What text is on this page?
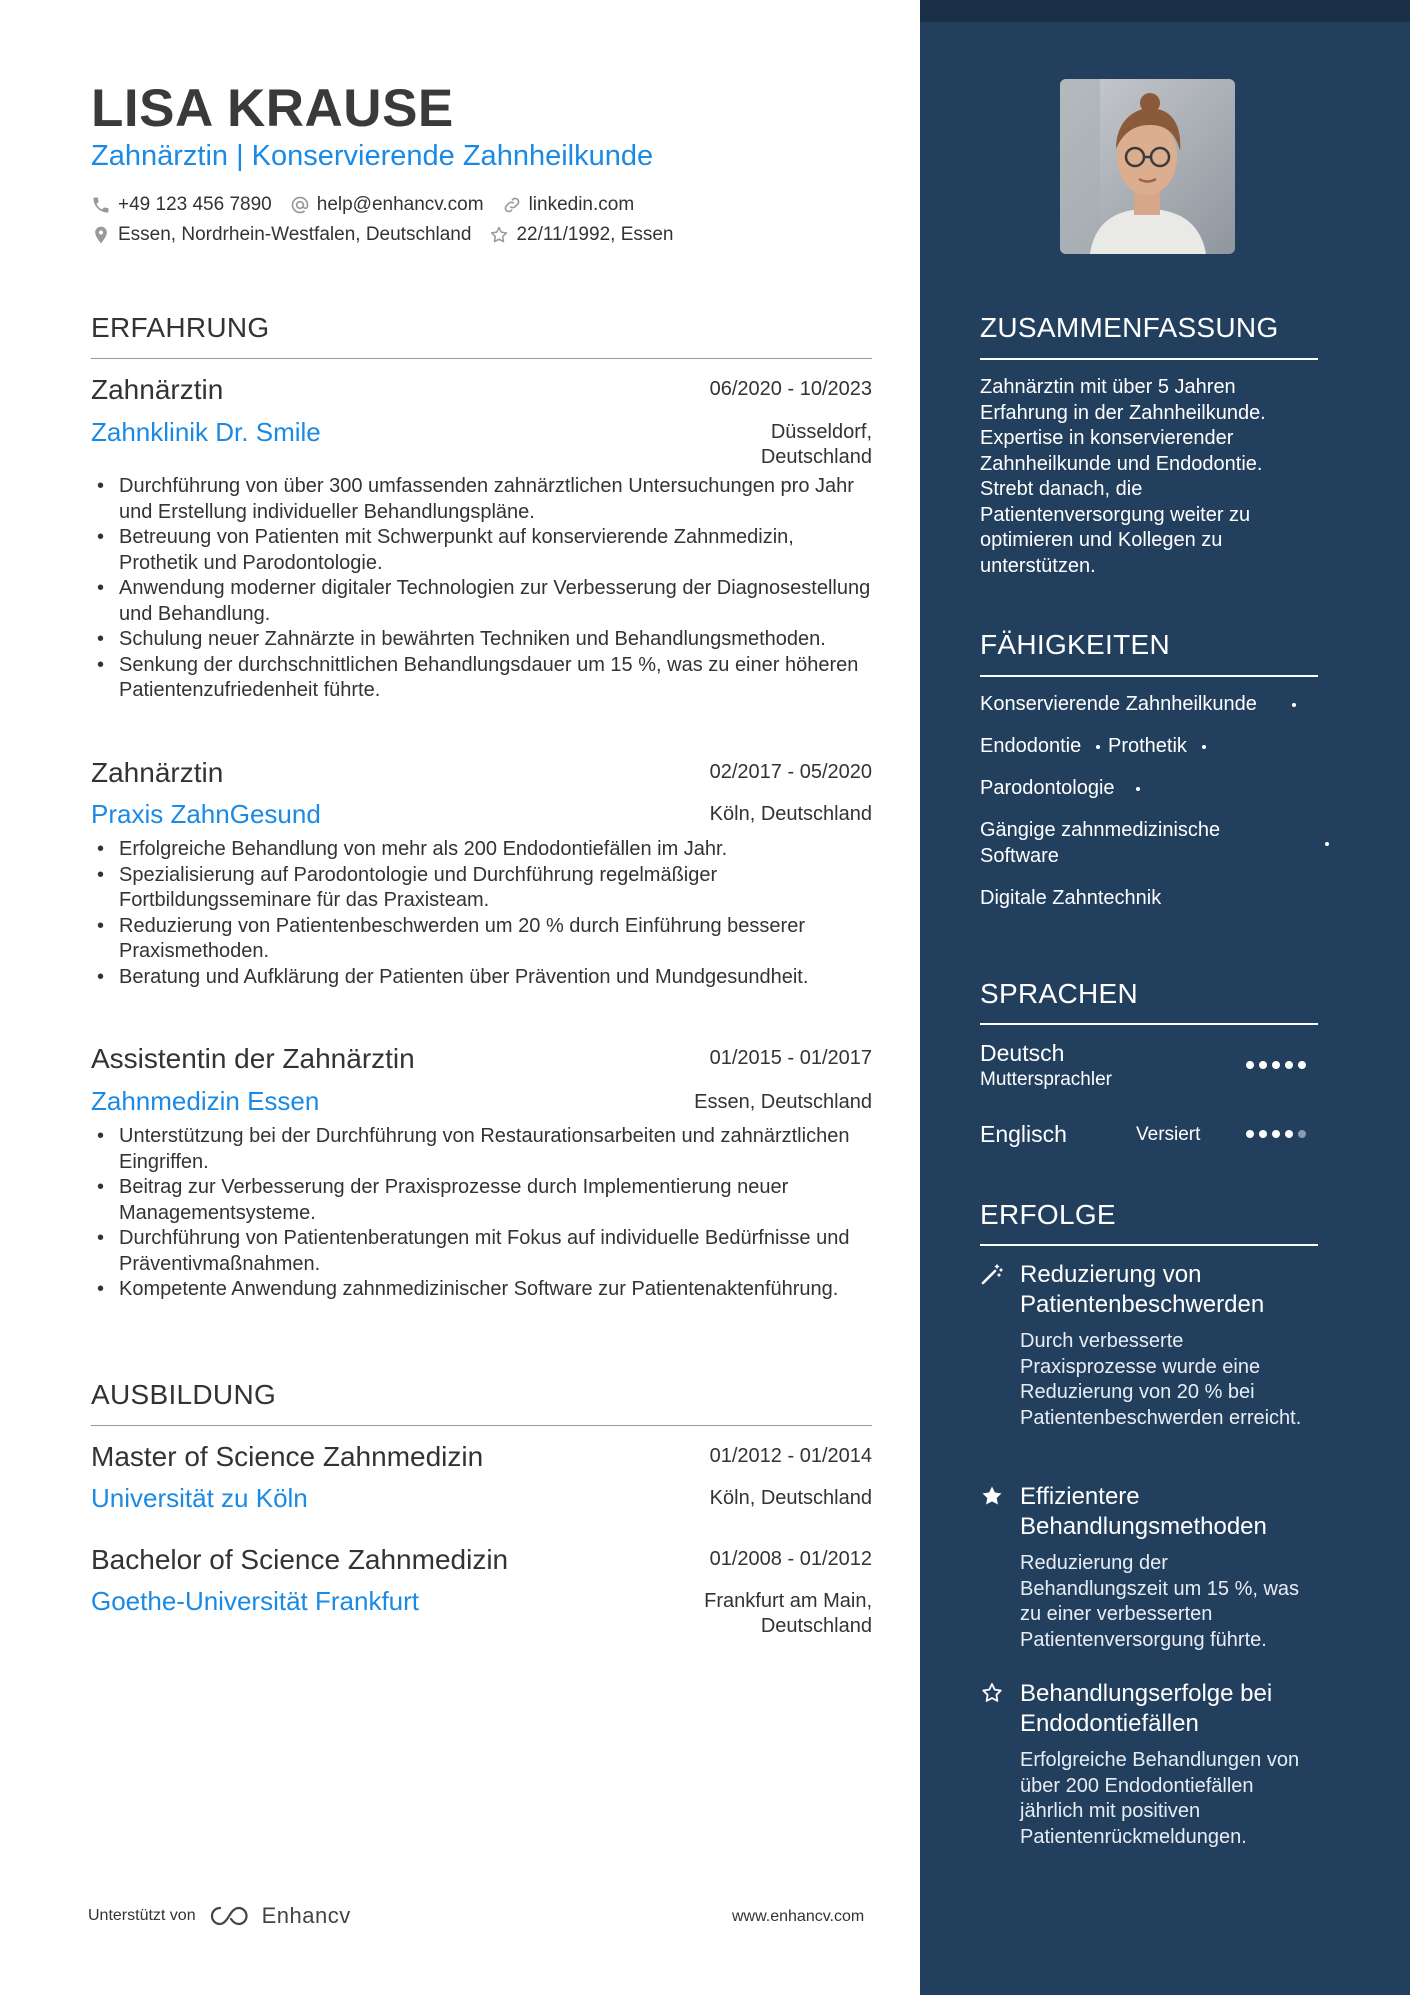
LISA KRAUSE
Zahnärztin | Konservierende Zahnheilkunde
+49 123 456 7890 help@enhancv.com linkedin.com
Essen, Nordrhein-Westfalen, Deutschland 22/11/1992, Essen
ERFAHRUNG
Zahnärztin	06/2020 - 10/2023
Zahnklinik Dr. Smile	Düsseldorf,
Deutschland
• Durchführung von über 300 umfassenden zahnärztlichen Untersuchungen pro Jahr und Erstellung individueller Behandlungspläne.
• Betreuung von Patienten mit Schwerpunkt auf konservierende Zahnmedizin, Prothetik und Parodontologie.
• Anwendung moderner digitaler Technologien zur Verbesserung der Diagnosestellung und Behandlung.
• Schulung neuer Zahnärzte in bewährten Techniken und Behandlungsmethoden.
• Senkung der durchschnittlichen Behandlungsdauer um 15 %, was zu einer höheren Patientenzufriedenheit führte.
Zahnärztin	02/2017 - 05/2020
Praxis ZahnGesund	Köln, Deutschland
• Erfolgreiche Behandlung von mehr als 200 Endodontiefällen im Jahr.
• Spezialisierung auf Parodontologie und Durchführung regelmäßiger Fortbildungsseminare für das Praxisteam.
• Reduzierung von Patientenbeschwerden um 20 % durch Einführung besserer Praxismethoden.
• Beratung und Aufklärung der Patienten über Prävention und Mundgesundheit.
Assistentin der Zahnärztin	01/2015 - 01/2017
Zahnmedizin Essen	Essen, Deutschland
• Unterstützung bei der Durchführung von Restaurationsarbeiten und zahnärztlichen Eingriffen.
• Beitrag zur Verbesserung der Praxisprozesse durch Implementierung neuer Managementsysteme.
• Durchführung von Patientenberatungen mit Fokus auf individuelle Bedürfnisse und Präventivmaßnahmen.
• Kompetente Anwendung zahnmedizinischer Software zur Patientenaktenführung.
AUSBILDUNG
Master of Science Zahnmedizin	01/2012 - 01/2014
Universität zu Köln	Köln, Deutschland
Bachelor of Science Zahnmedizin	01/2008 - 01/2012
Goethe-Universität Frankfurt	Frankfurt am Main,
Deutschland
Unterstützt von	Enhancv	www.enhancv.com
ZUSAMMENFASSUNG
Zahnärztin mit über 5 Jahren Erfahrung in der Zahnheilkunde. Expertise in konservierender Zahnheilkunde und Endodontie. Strebt danach, die Patientenversorgung weiter zu optimieren und Kollegen zu unterstützen.
FÄHIGKEITEN
Konservierende Zahnheilkunde
Endodontie Prothetik
Parodontologie
Gängige zahnmedizinische Software
Digitale Zahntechnik
SPRACHEN
Deutsch
Muttersprachler
Englisch	Versiert
ERFOLGE
Reduzierung von Patientenbeschwerden
Durch verbesserte Praxisprozesse wurde eine Reduzierung von 20 % bei Patientenbeschwerden erreicht.
Effizientere Behandlungsmethoden
Reduzierung der Behandlungszeit um 15 %, was zu einer verbesserten Patientenversorgung führte.
Behandlungserfolge bei Endodontiefällen
Erfolgreiche Behandlungen von über 200 Endodontiefällen jährlich mit positiven Patientenrückmeldungen.
